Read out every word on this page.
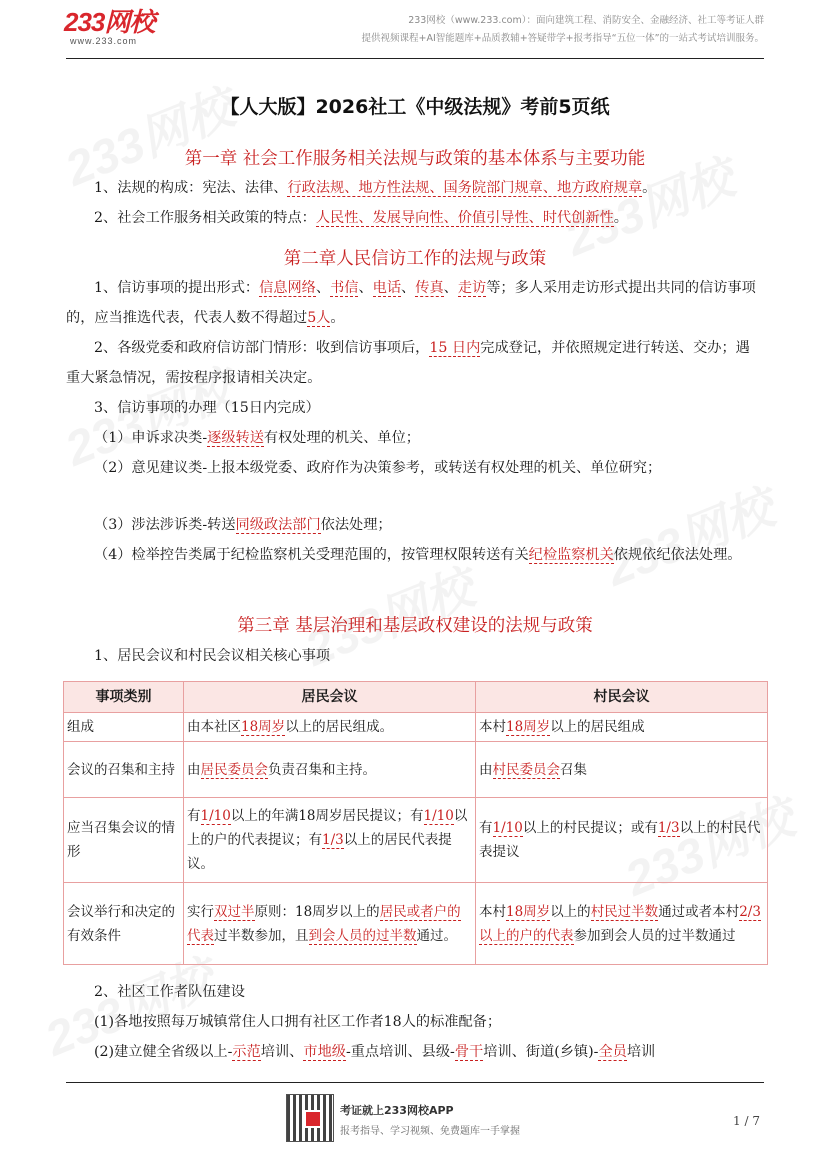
233网校
www.233.com
233网校（www.233.com）：面向建筑工程、消防安全、金融经济、社工等考证人群
提供视频课程+AI智能题库+品质教辅+答疑带学+报考指导“五位一体”的一站式考试培训服务。
【人大版】2026社工《中级法规》考前5页纸
第一章 社会工作服务相关法规与政策的基本体系与主要功能
1、法规的构成：宪法、法律、行政法规、地方性法规、国务院部门规章、地方政府规章。
2、社会工作服务相关政策的特点：人民性、发展导向性、价值引导性、时代创新性。
第二章人民信访工作的法规与政策
1、信访事项的提出形式：信息网络、书信、电话、传真、走访等；多人采用走访形式提出共同的信访事项的，应当推选代表，代表人数不得超过5人。
2、各级党委和政府信访部门情形：收到信访事项后，15 日内完成登记，并依照规定进行转送、交办；遇重大紧急情况，需按程序报请相关决定。
3、信访事项的办理（15日内完成）
（1）申诉求决类-逐级转送有权处理的机关、单位；
（2）意见建议类-上报本级党委、政府作为决策参考，或转送有权处理的机关、单位研究；
（3）涉法涉诉类-转送同级政法部门依法处理；
（4）检举控告类属于纪检监察机关受理范围的，按管理权限转送有关纪检监察机关依规依纪依法处理。
第三章 基层治理和基层政权建设的法规与政策
1、居民会议和村民会议相关核心事项
事项类别	居民会议	村民会议
组成	由本社区18周岁以上的居民组成。	本村18周岁以上的居民组成
会议的召集和主持	由居民委员会负责召集和主持。	由村民委员会召集
应当召集会议的情形	有1/10以上的年满18周岁居民提议；有1/10以上的户的代表提议；有1/3以上的居民代表提议。	有1/10以上的村民提议；或有1/3以上的村民代表提议
会议举行和决定的有效条件	实行双过半原则：18周岁以上的居民或者户的代表过半数参加，且到会人员的过半数通过。	本村18周岁以上的村民过半数通过或者本村2/3以上的户的代表参加到会人员的过半数通过
2、社区工作者队伍建设
(1)各地按照每万城镇常住人口拥有社区工作者18人的标准配备；
(2)建立健全省级以上-示范培训、市地级-重点培训、县级-骨干培训、街道(乡镇)-全员培训
考证就上233网校APP
报考指导、学习视频、免费题库一手掌握
1 / 7
